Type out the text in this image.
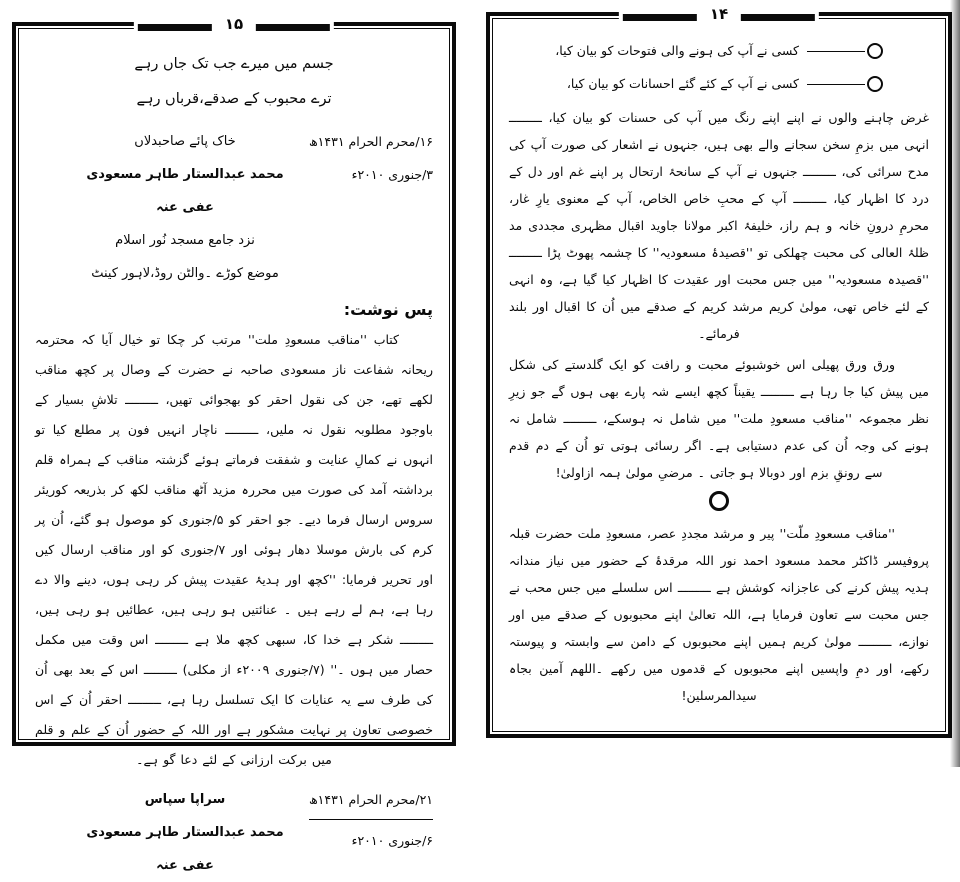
۱۴
کسی نے آپ کی ہونے والی فتوحات کو بیان کیا،
کسی نے آپ کے کئے گئے احسانات کو بیان کیا،

غرض چاہنے والوں نے اپنے اپنے رنگ میں آپ کی حسنات کو بیان کیا، ـــــــــ انہی میں بزمِ سخن سجانے والے بھی ہیں، جنہوں نے اشعار کی صورت آپ کی مدح سرائی کی، ـــــــــ جنہوں نے آپ کے سانحۂ ارتحال پر اپنے غم اور دل کے درد کا اظہار کیا، ـــــــــ آپ کے محبِ خاص الخاص، آپ کے معنوی یارِ غار، محرمِ درونِ خانہ و ہم راز، خلیفۂ اکبر مولانا جاوید اقبال مظہری مجددی مد ظلۂ العالی کی محبت چھلکی تو ''قصیدۂ مسعودیہ'' کا چشمہ پھوٹ پڑا ـــــــــ ''قصیدہ مسعودیہ'' میں جس محبت اور عقیدت کا اظہار کیا گیا ہے، وہ انہی کے لئے خاص تھی، مولیٰ کریم مرشد کریم کے صدقے میں اُن کا اقبال اور بلند فرمائے۔

ورق ورق پھیلی اس خوشبوئے محبت و رافت کو ایک گلدستے کی شکل میں پیش کیا جا رہا ہے ـــــــــ یقیناً کچھ ایسے شہ پارے بھی ہوں گے جو زیرِ نظر مجموعہ ''مناقب مسعودِ ملت'' میں شامل نہ ہوسکے، ـــــــــ شامل نہ ہونے کی وجہ اُن کی عدم دستیابی ہے۔ اگر رسائی ہوتی تو اُن کے دم قدم سے رونقِ بزم اور دوبالا ہو جاتی ۔ مرضیِ مولیٰ ہمہ ازاولیٰ!

''مناقب مسعودِ ملّت'' پیر و مرشد مجددِ عصر، مسعودِ ملت حضرت قبلہ پروفیسر ڈاکٹر محمد مسعود احمد نور اللہ مرقدۂ کے حضور میں نیاز مندانہ ہدیہ پیش کرنے کی عاجزانہ کوشش ہے ـــــــــ اس سلسلے میں جس محب نے جس محبت سے تعاون فرمایا ہے، اللہ تعالیٰ اپنے محبوبوں کے صدقے میں اور نوازے، ـــــــــ مولیٰ کریم ہمیں اپنے محبوبوں کے دامن سے وابستہ و پیوستہ رکھے، اور دمِ واپسیں اپنے محبوبوں کے قدموں میں رکھے ۔اللھم آمین بجاہ سیدالمرسلین!

۱۵
جسم میں میرے جب تک جاں رہے
ترے محبوب کے صدقے،قرباں رہے
۱۶/محرم الحرام ۱۴۳۱ھ
۳/جنوری ۲۰۱۰ء
خاک پائے صاحبدلاں
محمد عبدالستار طاہر مسعودی عفی عنہ
نزد جامع مسجد نُور اسلام
موضع کوڑے ۔والٹن روڈ،لاہور کینٹ
پس نوشت:

کتاب ''مناقب مسعودِ ملت'' مرتب کر چکا تو خیال آیا کہ محترمہ ریحانہ شفاعت ناز مسعودی صاحبہ نے حضرت کے وصال پر کچھ مناقب لکھے تھے، جن کی نقول احقر کو بھجوائی تھیں، ـــــــــ تلاشِ بسیار کے باوجود مطلوبہ نقول نہ ملیں، ـــــــــ ناچار انہیں فون پر مطلع کیا تو انہوں نے کمالِ عنایت و شفقت فرماتے ہوئے گزشتہ مناقب کے ہمراہ قلم برداشتہ آمد کی صورت میں محررہ مزید آٹھ مناقب لکھ کر بذریعہ کوریئر سروس ارسال فرما دیے۔ جو احقر کو ۵/جنوری کو موصول ہو گئے، اُن پر کرم کی بارش موسلا دھار ہوئی اور ۷/جنوری کو اور مناقب ارسال کیں اور تحریر فرمایا: ''کچھ اور ہدیۂ عقیدت پیش کر رہی ہوں، دینے والا دے رہا ہے، ہم لے رہے ہیں ۔ عنائتیں ہو رہی ہیں، عطائیں ہو رہی ہیں، ـــــــــ شکر ہے خدا کا، سبھی کچھ ملا ہے ـــــــــ اس وقت میں مکمل حصار میں ہوں ۔'' (۷/جنوری ۲۰۰۹ء از مکلی) ـــــــــ اس کے بعد بھی اُن کی طرف سے یہ عنایات کا ایک تسلسل رہا ہے، ـــــــــ احقر اُن کے اس خصوصی تعاون پر نہایت مشکور ہے اور اللہ کے حضور اُن کے علم و قلم میں برکت ارزانی کے لئے دعا گو ہے۔

۲۱/محرم الحرام ۱۴۳۱ھ
۶/جنوری ۲۰۱۰ء
سراپا سپاس
محمد عبدالستار طاہر مسعودی عفی عنہ
